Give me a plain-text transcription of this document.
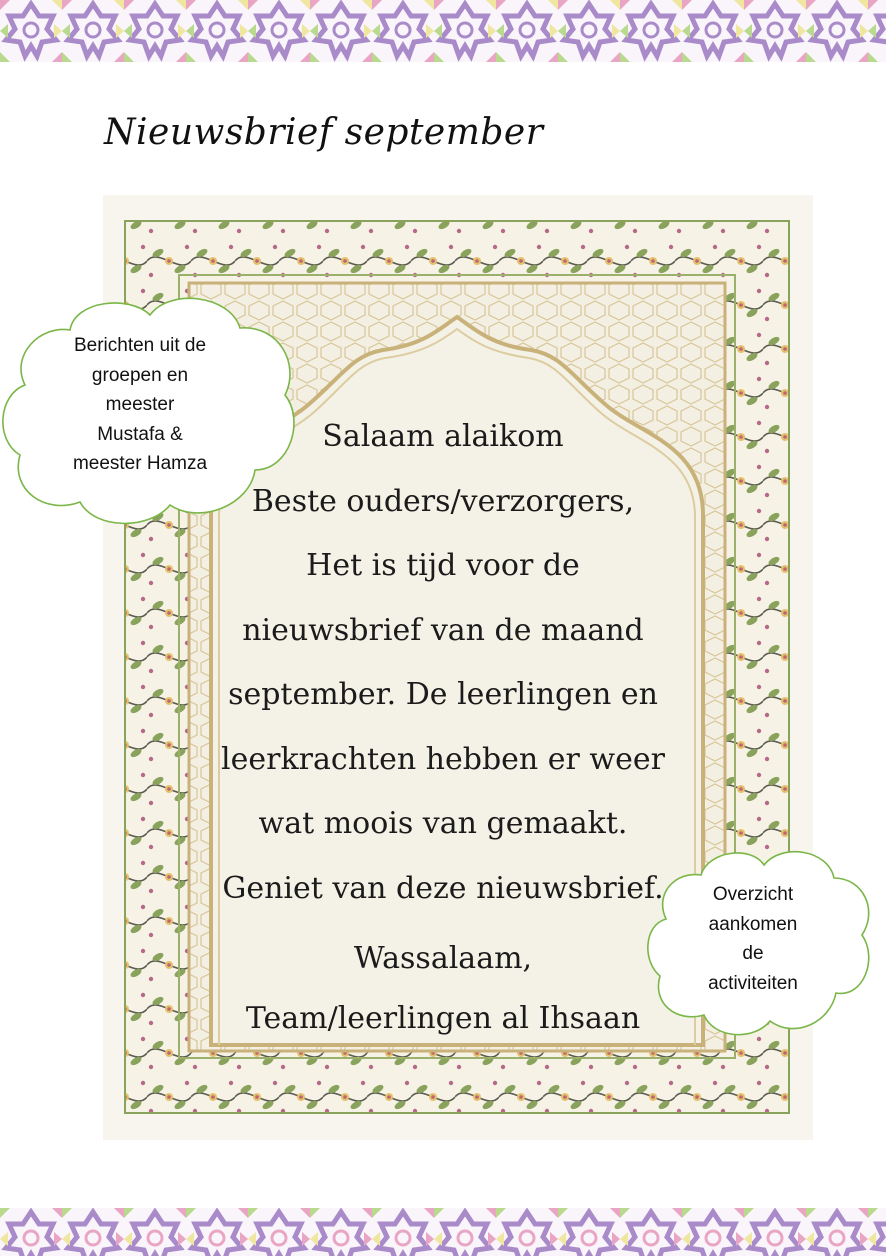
Nieuwsbrief september
Salaam alaikom
Beste ouders/verzorgers,
Het is tijd voor de
nieuwsbrief van de maand
september. De leerlingen en
leerkrachten hebben er weer
wat moois van gemaakt.
Geniet van deze nieuwsbrief.
Wassalaam,
Team/leerlingen al Ihsaan
Berichten uit de
groepen en
meester
Mustafa &
meester Hamza
Overzicht
aankomen
de
activiteiten
